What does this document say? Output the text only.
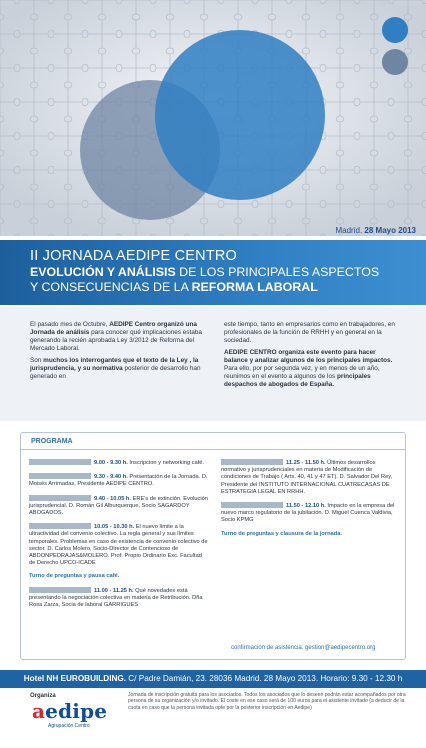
Madrid. 28 Mayo 2013
II JORNADA AEDIPE CENTRO
EVOLUCIÓN Y ANÁLISIS DE LOS PRINCIPALES ASPECTOS
Y CONSECUENCIAS DE LA REFORMA LABORAL

El pasado mes de Octubre, AEDIPE Centro organizó una Jornada de análisis para conocer qué implicaciones estaba generando la recién aprobada Ley 3/2012 de Reforma del Mercado Laboral.

Son muchos los interrogantes que el texto de la Ley , la jurisprudencia, y su normativa posterior de desarrollo han generado en

este tiempo, tanto en empresarios como en trabajadores, en profesionales de la función de RRHH y en general en la sociedad.

AEDIPE CENTRO organiza este evento para hacer balance y analizar algunos de los principales impactos. Para ello, por por segunda vez, y en menos de un año, reunimos en el evento a algunos de los principales despachos de abogados de España.

PROGRAMA
9.00 - 9.30 h. Inscripcion y networking café.
9.30 - 9.40 h. Presentación de la Jornada. D. Moisés Arrimadas, Presidente AEDIPE CENTRO.
9.40 - 10.05 h. ERE's de extinción. Evolución jurisprudencial. D. Román Gil Alburquerque, Socio SAGARDOY ABOGADOS.
10.05 - 10.30 h. El nuevo límite a la ultractividad del convenio colectivo. La regla general y sus límites temporales. Problemas en caso de existencia de convenio colectivo de sector. D. Carlos Molero, Socio-Director de Contencioso de ABDONPEDRAJAS&MOLERO. Prof. Propio Ordinario Exc. Facultad de Derecho UPCO-ICADE
Turno de preguntas y pausa café.
11.00 - 11.25 h. Qué novedades está presentando la negociación colectiva en materia de Retribución. Dña Rosa Zarza, Socia de laboral GARRIGUES
11.25 - 11.50 h. Últimos desarrollos normativo y jurisprudenciales en materia de Modificación de condiciones de Trabajo ( Arts. 40, 41 y 47 ET). D. Salvador Del Rey, Presidente del INSTITUTO INTERNACIONAL CUATRECASAS DE ESTRATEGIA LEGAL EN RRHH.
11.50 - 12.10 h. Impacto en la empresa del nuevo marco regulatorio de la jubilación. D. Miguel Cuenca Valdivia, Socio KPMG
Turno de preguntas y clausura de la jornada.
confirmación de asistencia: gestion@aedipecentro.org
Hotel NH EUROBUILDING. C/ Padre Damián, 23. 28036 Madrid. 28 Mayo 2013. Horario: 9.30 - 12.30 h
Organiza
aedipe
Agrupación Centro
Jornada de inscripción gratuita para los asociados. Todos los asociados que lo deseen podrán estar acompañados por otra persona de su organización y/o invitado. El coste en ese caso será de 100 euros para el asistente invitado (a deducir de la cuota en caso que la persona invitada opte por la posterior inscripción en Aedipe)
